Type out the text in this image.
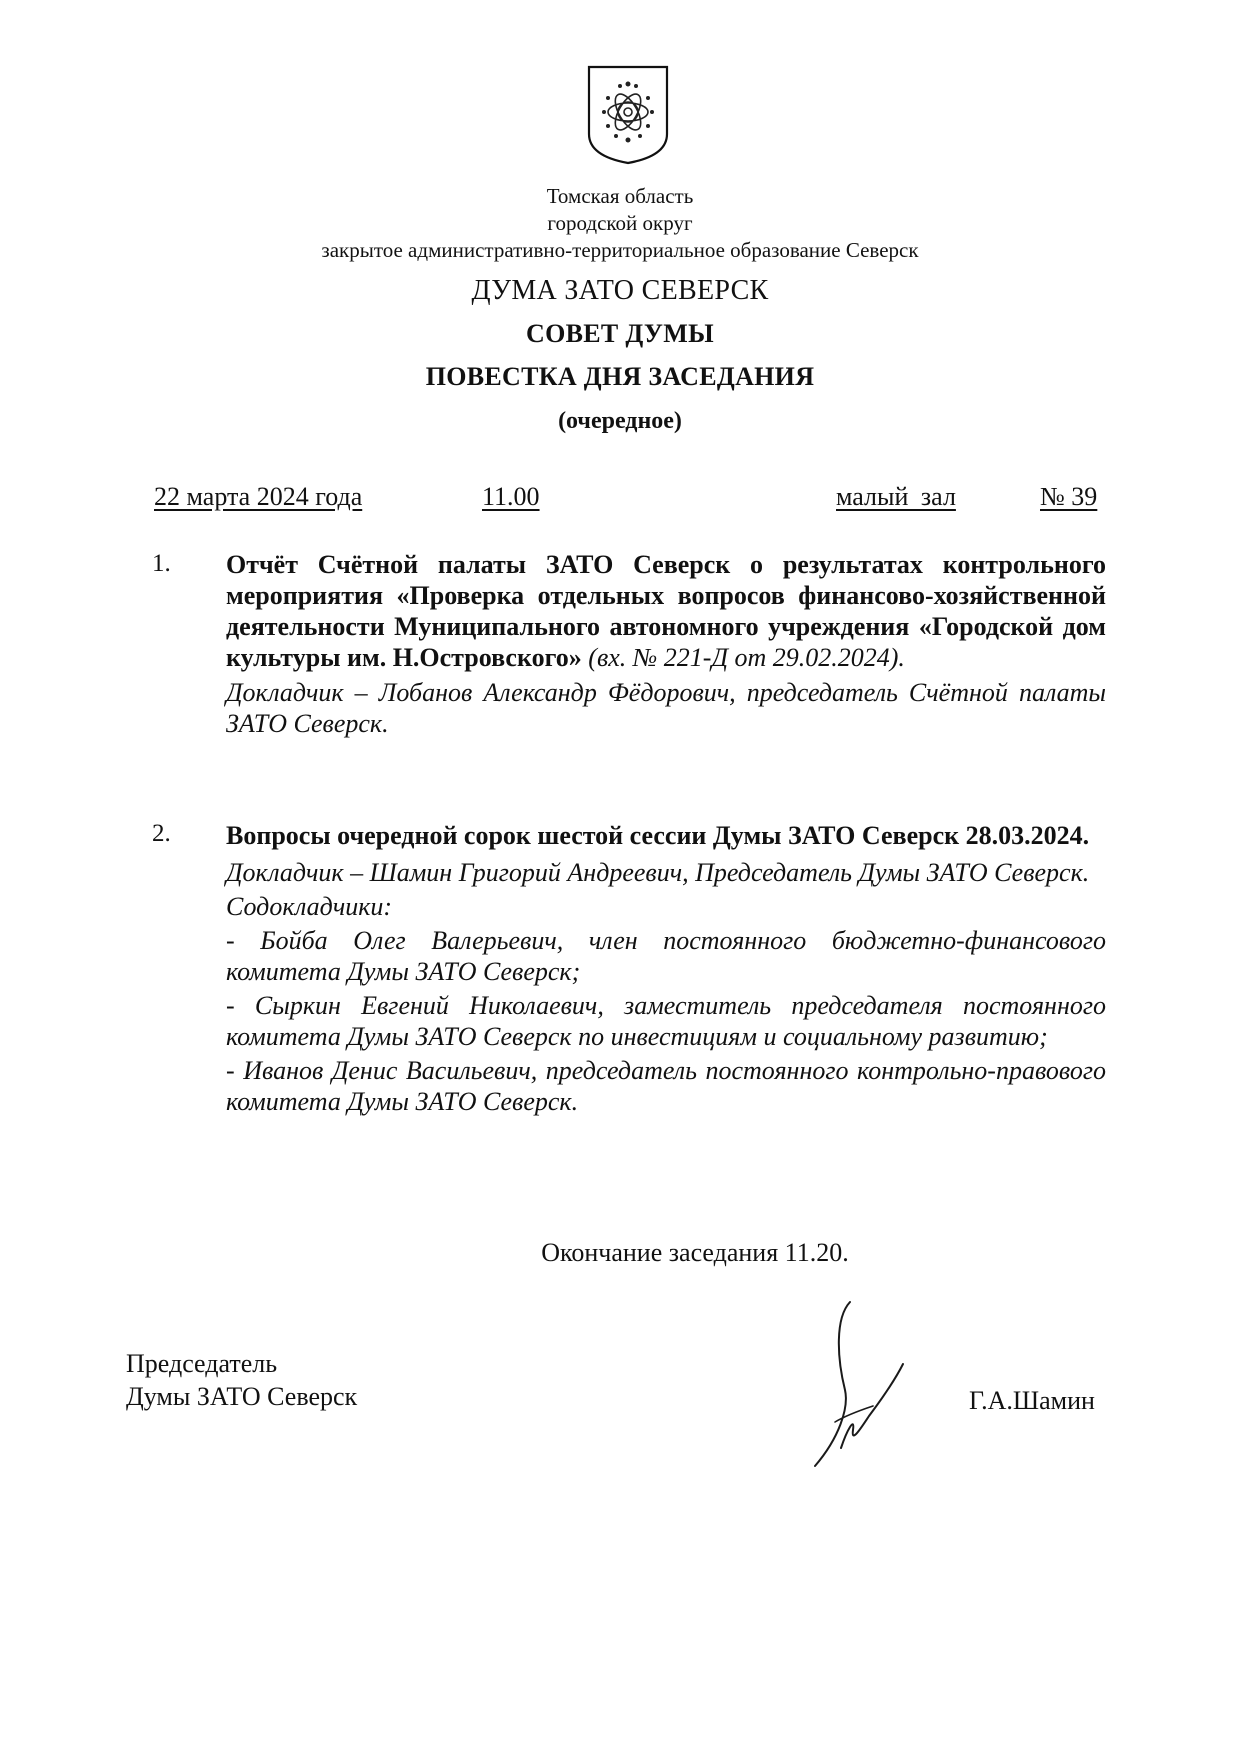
Томская область
городской округ
закрытое административно-территориальное образование Северск
ДУМА ЗАТО СЕВЕРСК
СОВЕТ ДУМЫ
ПОВЕСТКА ДНЯ ЗАСЕДАНИЯ
(очередное)
22 марта 2024 года	11.00	малый зал	№ 39
1. Отчёт Счётной палаты ЗАТО Северск о результатах контрольного мероприятия «Проверка отдельных вопросов финансово-хозяйственной деятельности Муниципального автономного учреждения «Городской дом культуры им. Н.Островского» (вх. № 221-Д от 29.02.2024).
Докладчик – Лобанов Александр Фёдорович, председатель Счётной палаты ЗАТО Северск.
2. Вопросы очередной сорок шестой сессии Думы ЗАТО Северск 28.03.2024.
Докладчик – Шамин Григорий Андреевич, Председатель Думы ЗАТО Северск.
Содокладчики:
- Бойба Олег Валерьевич, член постоянного бюджетно-финансового комитета Думы ЗАТО Северск;
- Сыркин Евгений Николаевич, заместитель председателя постоянного комитета Думы ЗАТО Северск по инвестициям и социальному развитию;
- Иванов Денис Васильевич, председатель постоянного контрольно-правового комитета Думы ЗАТО Северск.
Окончание заседания 11.20.
Председатель
Думы ЗАТО Северск	Г.А.Шамин
